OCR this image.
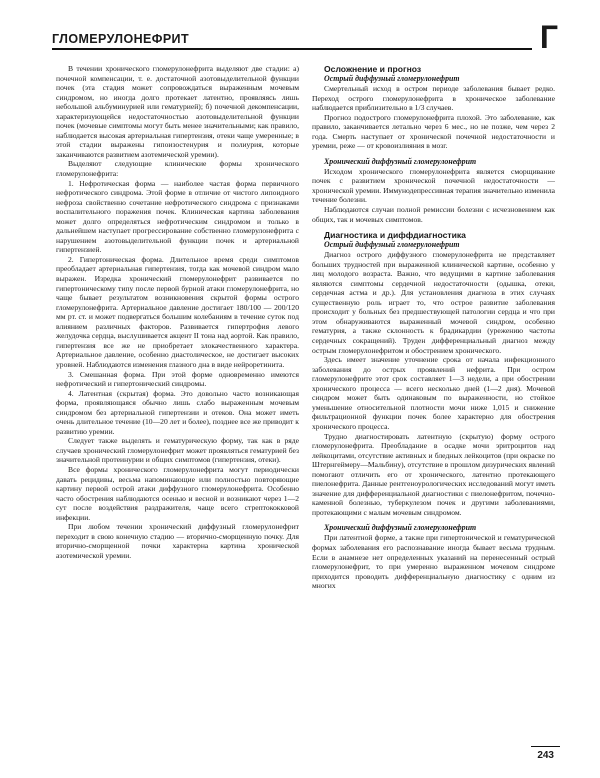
ГЛОМЕРУЛОНЕФРИТ	Г

В течении хронического гломерулонефрита выделяют две стадии: а) почечной компенсации, т. е. достаточной азотовыделительной функции почек (эта стадия может сопровождаться выраженным мочевым синдромом, но иногда долго протекает латентно, проявляясь лишь небольшой альбуминурией или гематурией); б) почечной декомпенсации, характеризующейся недостаточностью азотовыделительной функции почек (мочевые симптомы могут быть менее значительными; как правило, наблюдается высокая артериальная гипертензия, отеки чаще умеренные; в этой стадии выражены гипоизостенурия и полиурия, которые заканчиваются развитием азотемической уремии).

Выделяют следующие клинические формы хронического гломерулонефрита:

1. Нефротическая форма — наиболее частая форма первичного нефротического синдрома. Этой форме в отличие от чистого липоидного нефроза свойственно сочетание нефротического синдрома с признаками воспалительного поражения почек. Клиническая картина заболевания может долго определяться нефротическим синдромом и только в дальнейшем наступает прогрессирование собственно гломерулонефрита с нарушением азотовыделительной функции почек и артериальной гипертензией.

2. Гипертоническая форма. Длительное время среди симптомов преобладает артериальная гипертензия, тогда как мочевой синдром мало выражен. Изредка хронический гломерулонефрит развивается по гипертоническому типу после первой бурной атаки гломерулонефрита, но чаще бывает результатом возникновения скрытой формы острого гломерулонефрита. Артериальное давление достигает 180/100 — 200/120 мм рт. ст. и может подвергаться большим колебаниям в течение суток под влиянием различных факторов. Развивается гипертрофия левого желудочка сердца, выслушивается акцент II тона над аортой. Как правило, гипертензия все же не приобретает злокачественного характера. Артериальное давление, особенно диастолическое, не достигает высоких уровней. Наблюдаются изменения глазного дна в виде нейроретинита.

3. Смешанная форма. При этой форме одновременно имеются нефротический и гипертонический синдромы.

4. Латентная (скрытая) форма. Это довольно часто возникающая форма, проявляющаяся обычно лишь слабо выраженным мочевым синдромом без артериальной гипертензии и отеков. Она может иметь очень длительное течение (10—20 лет и более), позднее все же приводит к развитию уремии.

Следует также выделять и гематурическую форму, так как в ряде случаев хронический гломерулонефрит может проявляться гематурией без значительной протеинурии и общих симптомов (гипертензия, отеки).

Все формы хронического гломерулонефрита могут периодически давать рецидивы, весьма напоминающие или полностью повторяющие картину первой острой атаки диффузного гломерулонефрита. Особенно часто обострения наблюдаются осенью и весной и возникают через 1—2 сут после воздействия раздражителя, чаще всего стрептококковой инфекции.

При любом течении хронический диффузный гломерулонефрит переходит в свою конечную стадию — вторично-сморщенную почку. Для вторично-сморщенной почки характерна картина хронической азотемической уремии.

Осложнение и прогноз

Острый диффузный гломерулонефрит

Смертельный исход в остром периоде заболевания бывает редко. Переход острого гломерулонефрита в хроническое заболевание наблюдается приблизительно в 1/3 случаев.

Прогноз подострого гломерулонефрита плохой. Это заболевание, как правило, заканчивается летально через 6 мес., но не позже, чем через 2 года. Смерть наступает от хронической почечной недостаточности и уремии, реже — от кровоизлияния в мозг.

Хронический диффузный гломерулонефрит

Исходом хронического гломерулонефрита является сморщивание почек с развитием хронической почечной недостаточности — хронической уремии. Иммунодепрессивная терапия значительно изменила течение болезни.

Наблюдаются случаи полной ремиссии болезни с исчезновением как общих, так и мочевых симптомов.

Диагностика и диффдиагностика

Острый диффузный гломерулонефрит

Диагноз острого диффузного гломерулонефрита не представляет больших трудностей при выраженной клинической картине, особенно у лиц молодого возраста. Важно, что ведущими в картине заболевания являются симптомы сердечной недостаточности (одышка, отеки, сердечная астма и др.). Для установления диагноза в этих случаях существенную роль играет то, что острое развитие заболевания происходит у больных без предшествующей патологии сердца и что при этом обнаруживаются выраженный мочевой синдром, особенно гематурия, а также склонность к брадикардии (урежению частоты сердечных сокращений). Труден дифференциальный диагноз между острым гломерулонефритом и обострением хронического.

Здесь имеет значение уточнение срока от начала инфекционного заболевания до острых проявлений нефрита. При остром гломерулонефрите этот срок составляет 1—3 недели, а при обострении хронического процесса — всего несколько дней (1—2 дня). Мочевой синдром может быть одинаковым по выраженности, но стойкое уменьшение относительной плотности мочи ниже 1,015 и снижение фильтрационной функции почек более характерно для обострения хронического процесса.

Трудно диагностировать латентную (скрытую) форму острого гломерулонефрита. Преобладание в осадке мочи эритроцитов над лейкоцитами, отсутствие активных и бледных лейкоцитов (при окраске по Штернгеймеру—Мальбину), отсутствие в прошлом дизурических явлений помогают отличить его от хронического, латентно протекающего пиелонефрита. Данные рентгеноурологических исследований могут иметь значение для дифференциальной диагностики с пиелонефритом, почечно-каменной болезнью, туберкулезом почек и другими заболеваниями, протекающими с малым мочевым синдромом.

Хронический диффузный гломерулонефрит

При латентной форме, а также при гипертонической и гематурической формах заболевания его распознавание иногда бывает весьма трудным. Если в анамнезе нет определенных указаний на перенесенный острый гломерулонефрит, то при умеренно выраженном мочевом синдроме приходится проводить дифференциальную диагностику с одним из многих

243
